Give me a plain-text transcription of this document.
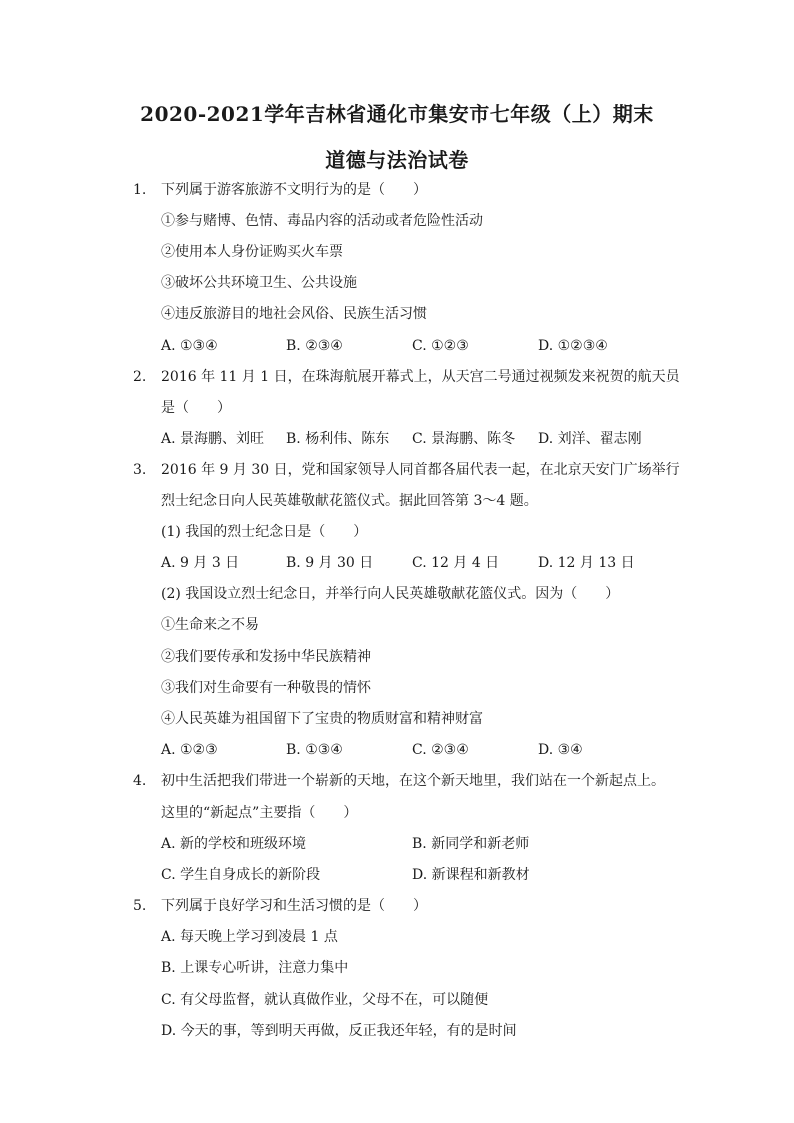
2020-2021学年吉林省通化市集安市七年级（上）期末
道德与法治试卷
1. 下列属于游客旅游不文明行为的是（　　）
①参与赌博、色情、毒品内容的活动或者危险性活动
②使用本人身份证购买火车票
③破坏公共环境卫生、公共设施
④违反旅游目的地社会风俗、民族生活习惯
A. ①③④	B. ②③④	C. ①②③	D. ①②③④
2. 2016 年 11 月 1 日，在珠海航展开幕式上，从天宫二号通过视频发来祝贺的航天员
是（　　）
A. 景海鹏、刘旺 B. 杨利伟、陈东 C. 景海鹏、陈冬 D. 刘洋、翟志刚
3. 2016 年 9 月 30 日，党和国家领导人同首都各届代表一起，在北京天安门广场举行
烈士纪念日向人民英雄敬献花篮仪式。据此回答第 3～4 题。
(1) 我国的烈士纪念日是（　　）
A. 9 月 3 日	B. 9 月 30 日	C. 12 月 4 日	D. 12 月 13 日
(2) 我国设立烈士纪念日，并举行向人民英雄敬献花篮仪式。因为（　　）
①生命来之不易
②我们要传承和发扬中华民族精神
③我们对生命要有一种敬畏的情怀
④人民英雄为祖国留下了宝贵的物质财富和精神财富
A. ①②③	B. ①③④	C. ②③④	D. ③④
4. 初中生活把我们带进一个崭新的天地，在这个新天地里，我们站在一个新起点上。
这里的“新起点”主要指（　　）
A. 新的学校和班级环境	B. 新同学和新老师
C. 学生自身成长的新阶段	D. 新课程和新教材
5. 下列属于良好学习和生活习惯的是（　　）
A. 每天晚上学习到凌晨 1 点
B. 上课专心听讲，注意力集中
C. 有父母监督，就认真做作业，父母不在，可以随便
D. 今天的事，等到明天再做，反正我还年轻，有的是时间
